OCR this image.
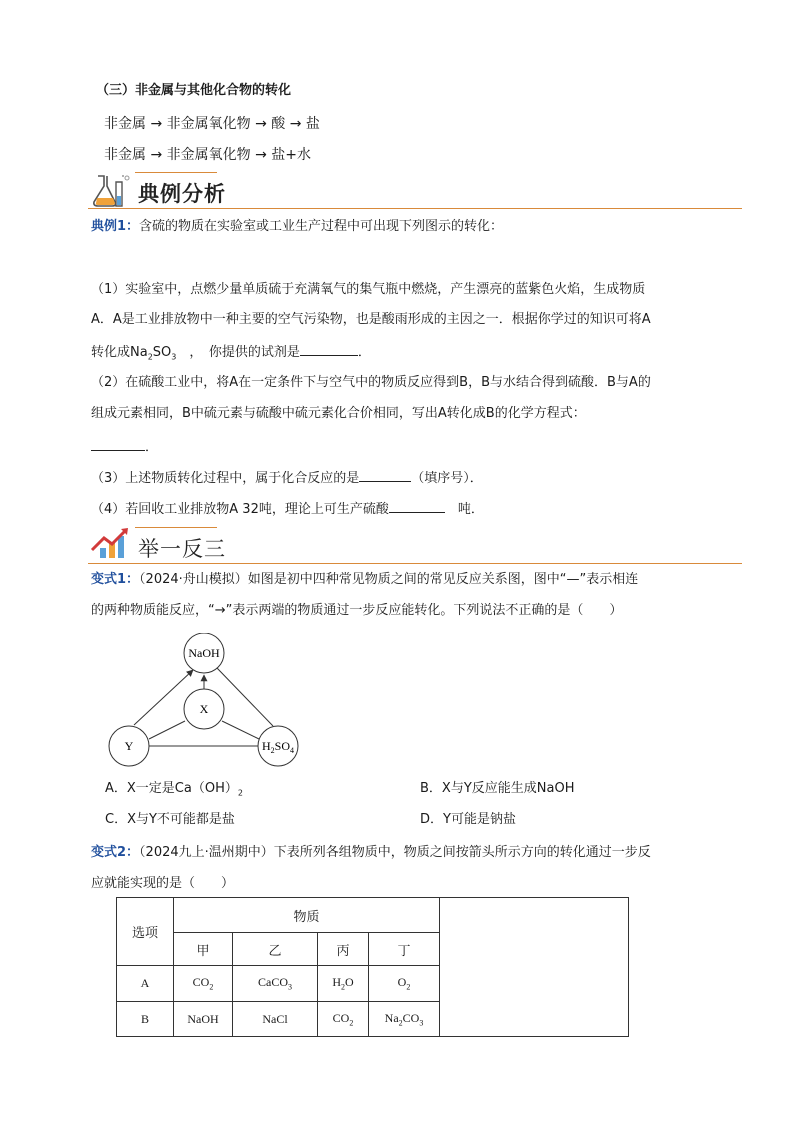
（三）非金属与其他化合物的转化
非金属 → 非金属氧化物 → 酸 → 盐
非金属 → 非金属氧化物 → 盐+水
典例分析
典例1：含硫的物质在实验室或工业生产过程中可出现下列图示的转化：
（1）实验室中，点燃少量单质硫于充满氧气的集气瓶中燃烧，产生漂亮的蓝紫色火焰，生成物质
A．A是工业排放物中一种主要的空气污染物，也是酸雨形成的主因之一．根据你学过的知识可将A
转化成$Na_2SO_3$　，　你提供的试剂是	．
（2）在硫酸工业中，将A在一定条件下与空气中的物质反应得到B，B与水结合得到硫酸．B与A的
组成元素相同，B中硫元素与硫酸中硫元素化合价相同，写出A转化成B的化学方程式：
．
（3）上述物质转化过程中，属于化合反应的是	（填序号）．
（4）若回收工业排放物A 32吨，理论上可生产硫酸	　吨．
举一反三
变式1：（2024·舟山模拟）如图是初中四种常见物质之间的常见反应关系图，图中“—”表示相连
的两种物质能反应，“→”表示两端的物质通过一步反应能转化。下列说法不正确的是（　　）
NaOH
X
Y	$H_2SO_4$
A．X一定是$Ca(OH)_2$	B．X与Y反应能生成NaOH
C．X与Y不可能都是盐	D．Y可能是钠盐
变式2：（2024九上·温州期中）下表所列各组物质中，物质之间按箭头所示方向的转化通过一步反
应就能实现的是（　　）
选项	物质				
	甲	乙	丙	丁	
A	$CO_2$	CaCO$_3$	$H_2O$	$O_2$
B	NaOH	NaCl	$CO_2$	$Na_2CO_3$
